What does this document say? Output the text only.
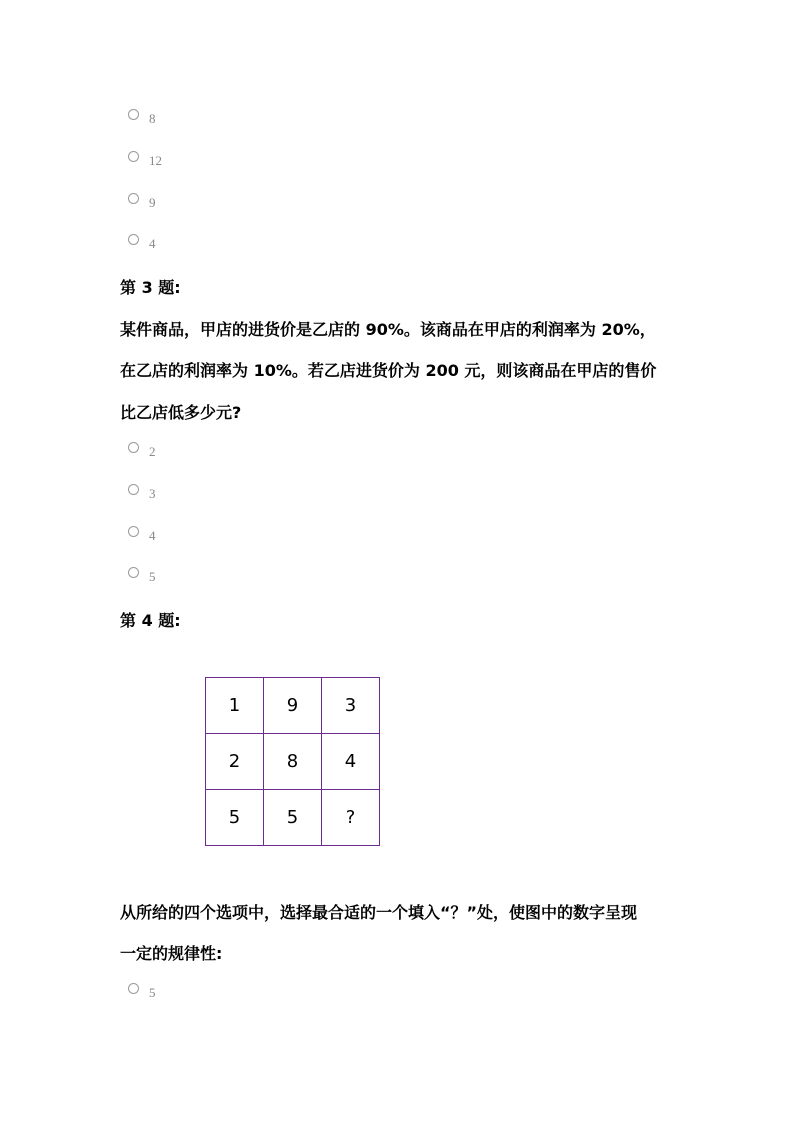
8
12
9
4
第 3 题:
某件商品，甲店的进货价是乙店的 90%。该商品在甲店的利润率为 20%，
在乙店的利润率为 10%。若乙店进货价为 200 元，则该商品在甲店的售价
比乙店低多少元?
2
3
4
5
第 4 题:
1	9	3
2	8	4
5	5	?
从所给的四个选项中，选择最合适的一个填入“？”处，使图中的数字呈现
一定的规律性:
5
